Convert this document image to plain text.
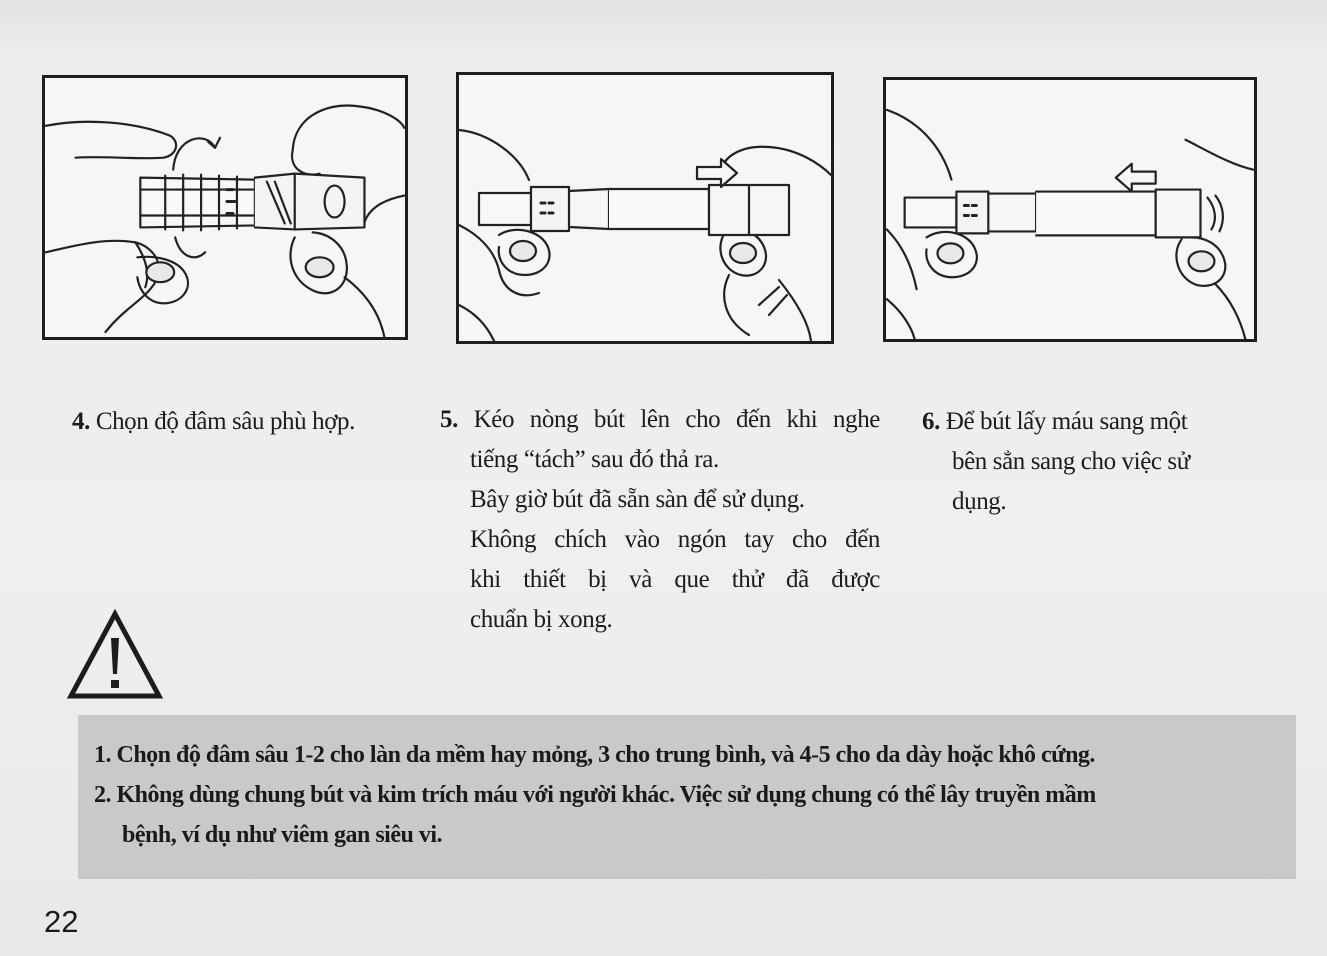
4. Chọn độ đâm sâu phù hợp.	5. Kéo nòng bút lên cho đến khi nghe
tiếng “tách” sau đó thả ra.
Bây giờ bút đã sẵn sàn để sử dụng.
Không chích vào ngón tay cho đến
khi thiết bị và que thử đã được
chuẩn bị xong.
6. Để bút lấy máu sang một
bên sẳn sang cho việc sử
dụng.
1. Chọn độ đâm sâu 1-2 cho làn da mềm hay mỏng, 3 cho trung bình, và 4-5 cho da dày hoặc khô cứng.
2. Không dùng chung bút và kim trích máu với người khác. Việc sử dụng chung có thể lây truyền mầm
bệnh, ví dụ như viêm gan siêu vi.
22
